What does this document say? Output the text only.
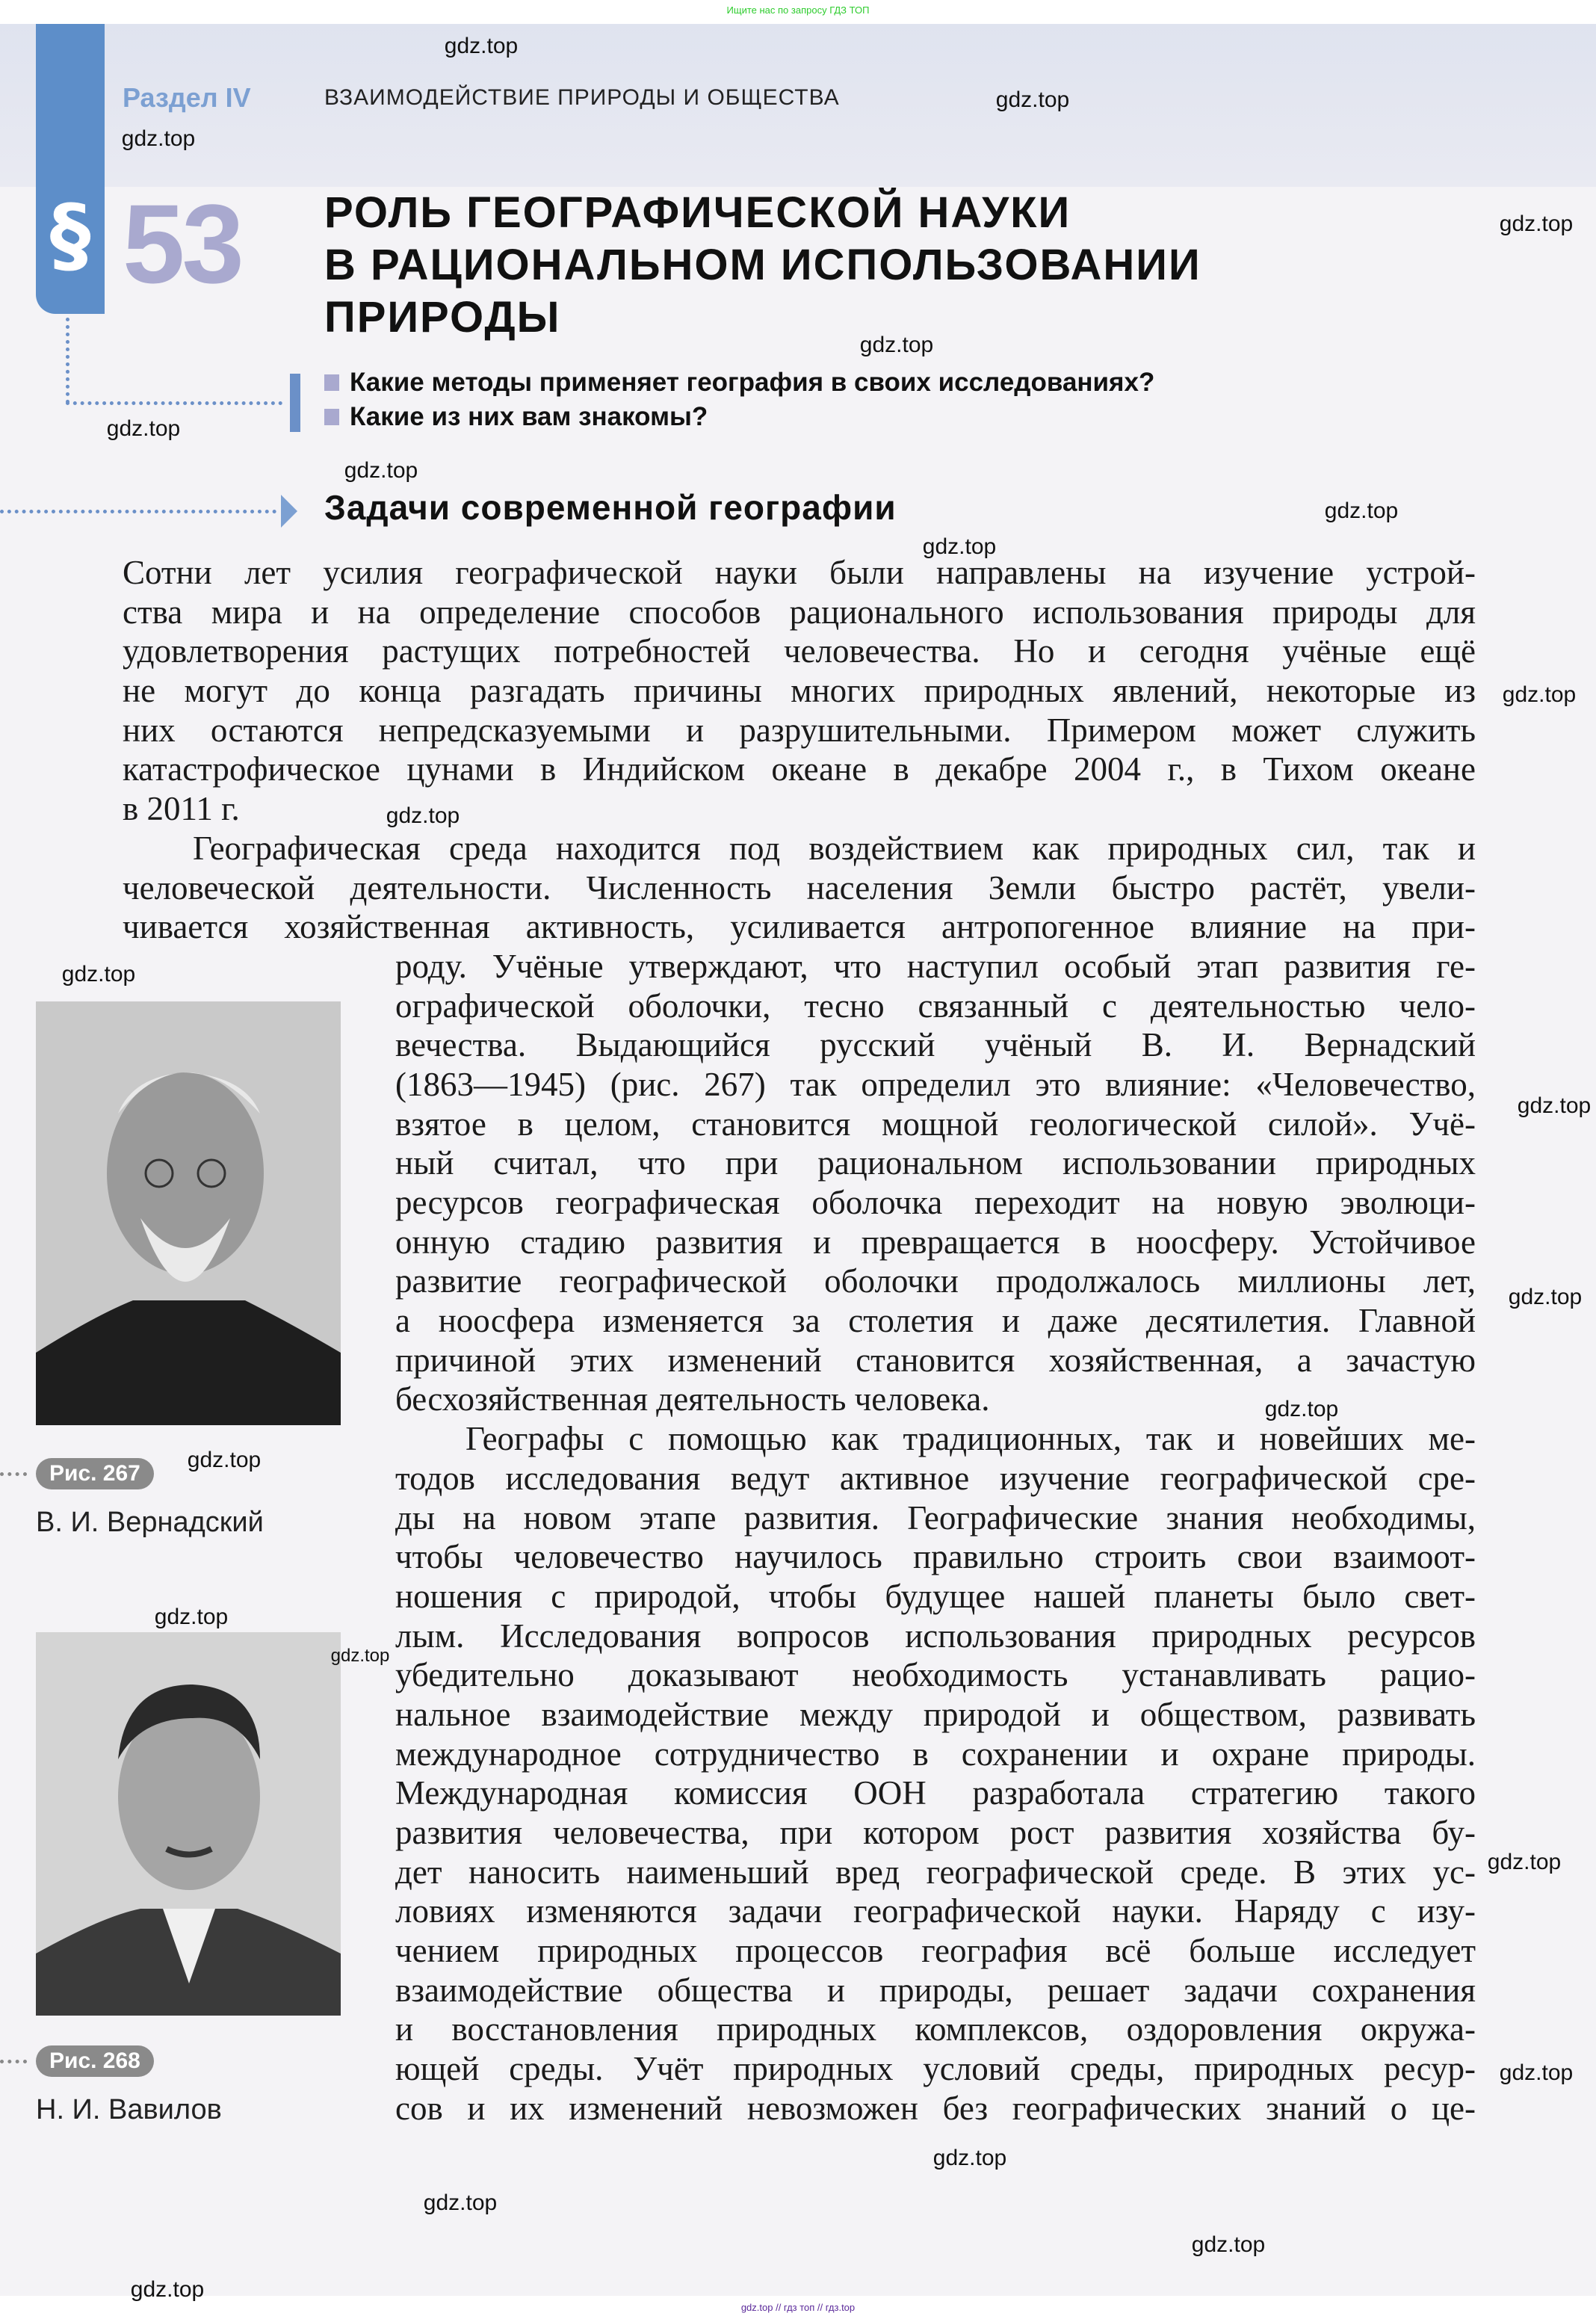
Ищите нас по запросу ГДЗ ТОП
§
Раздел IV	ВЗАИМОДЕЙСТВИЕ ПРИРОДЫ И ОБЩЕСТВА
53 РОЛЬ ГЕОГРАФИЧЕСКОЙ НАУКИ
В РАЦИОНАЛЬНОМ ИСПОЛЬЗОВАНИИ
ПРИРОДЫ
Какие методы применяет география в своих исследованиях?
Какие из них вам знакомы?
Задачи современной географии
Сотни лет усилия географической науки были направлены на изучение устрой-
ства мира и на определение способов рационального использования природы для
удовлетворения растущих потребностей человечества. Но и сегодня учёные ещё
не могут до конца разгадать причины многих природных явлений, некоторые из
них остаются непредсказуемыми и разрушительными. Примером может служить
катастрофическое цунами в Индийском океане в декабре 2004 г., в Тихом океане
в 2011 г.
Географическая среда находится под воздействием как природных сил, так и
человеческой деятельности. Численность населения Земли быстро растёт, увели-
чивается хозяйственная активность, усиливается антропогенное влияние на при-
роду. Учёные утверждают, что наступил особый этап развития ге-
ографической оболочки, тесно связанный с деятельностью чело-
вечества. Выдающийся русский учёный В. И. Вернадский
(1863—1945) (рис. 267) так определил это влияние: «Человечество,
взятое в целом, становится мощной геологической силой». Учё-
ный считал, что при рациональном использовании природных
ресурсов географическая оболочка переходит на новую эволюци-
онную стадию развития и превращается в ноосферу. Устойчивое
развитие географической оболочки продолжалось миллионы лет,
а ноосфера изменяется за столетия и даже десятилетия. Главной
причиной этих изменений становится хозяйственная, а зачастую
бесхозяйственная деятельность человека.
Географы с помощью как традиционных, так и новейших ме-
тодов исследования ведут активное изучение географической сре-
ды на новом этапе развития. Географические знания необходимы,
чтобы человечество научилось правильно строить свои взаимоот-
ношения с природой, чтобы будущее нашей планеты было свет-
лым. Исследования вопросов использования природных ресурсов
убедительно доказывают необходимость устанавливать рацио-
нальное взаимодействие между природой и обществом, развивать
международное сотрудничество в сохранении и охране природы.
Международная комиссия ООН разработала стратегию такого
развития человечества, при котором рост развития хозяйства бу-
дет наносить наименьший вред географической среде. В этих ус-
ловиях изменяются задачи географической науки. Наряду с изу-
чением природных процессов география всё больше исследует
взаимодействие общества и природы, решает задачи сохранения
и восстановления природных комплексов, оздоровления окружа-
ющей среды. Учёт природных условий среды, природных ресур-
сов и их изменений невозможен без географических знаний о це-
Рис. 267
В. И. Вернадский
Рис. 268
Н. И. Вавилов
gdz.top
gdz.top
gdz.top
gdz.top
gdz.top
gdz.top
gdz.top
gdz.top
gdz.top
gdz.top
gdz.top
gdz.top
gdz.top
gdz.top
gdz.top
gdz.top
gdz.top
gdz.top
gdz.top
gdz.top
gdz.top
gdz.top
gdz.top
gdz.top
gdz.top // гдз топ // гдз.top
